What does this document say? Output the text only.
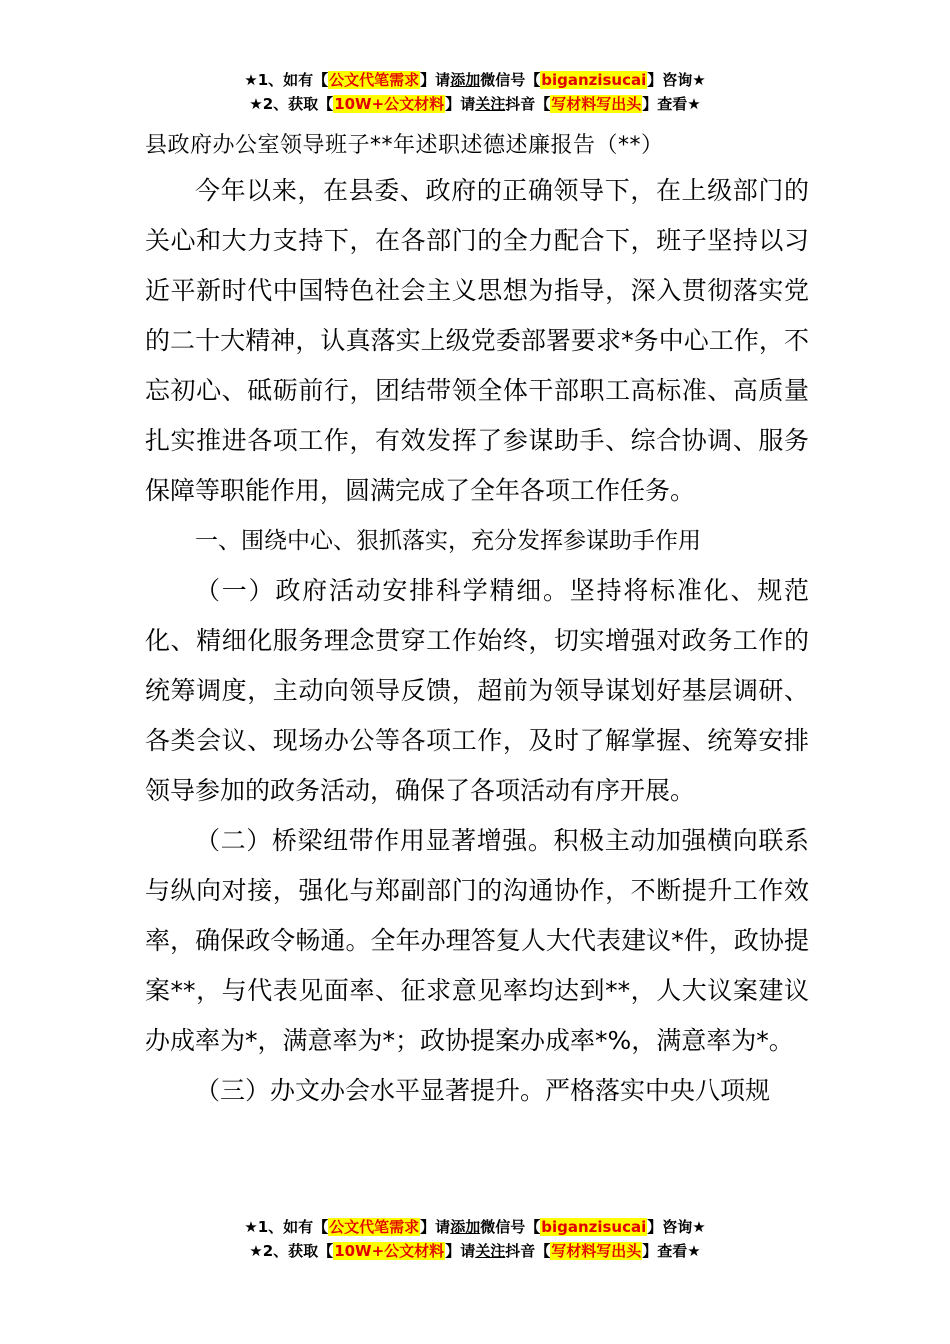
★1、如有【公文代笔需求】请添加微信号【biganzisucai】咨询★
★2、获取【10W+公文材料】请关注抖音【写材料写出头】查看★
县政府办公室领导班子**年述职述德述廉报告（**）

今年以来，在县委、政府的正确领导下，在上级部门的关心和大力支持下，在各部门的全力配合下，班子坚持以习近平新时代中国特色社会主义思想为指导，深入贯彻落实党的二十大精神，认真落实上级党委部署要求*务中心工作，不忘初心、砥砺前行，团结带领全体干部职工高标准、高质量扎实推进各项工作，有效发挥了参谋助手、综合协调、服务保障等职能作用，圆满完成了全年各项工作任务。

一、围绕中心、狠抓落实，充分发挥参谋助手作用

（一）政府活动安排科学精细。坚持将标准化、规范化、精细化服务理念贯穿工作始终，切实增强对政务工作的统筹调度，主动向领导反馈，超前为领导谋划好基层调研、各类会议、现场办公等各项工作，及时了解掌握、统筹安排领导参加的政务活动，确保了各项活动有序开展。

（二）桥梁纽带作用显著增强。积极主动加强横向联系与纵向对接，强化与郑副部门的沟通协作，不断提升工作效率，确保政令畅通。全年办理答复人大代表建议*件，政协提案**，与代表见面率、征求意见率均达到**，人大议案建议办成率为*，满意率为*；政协提案办成率*%，满意率为*。

（三）办文办会水平显著提升。严格落实中央八项规

★1、如有【公文代笔需求】请添加微信号【biganzisucai】咨询★
★2、获取【10W+公文材料】请关注抖音【写材料写出头】查看★
